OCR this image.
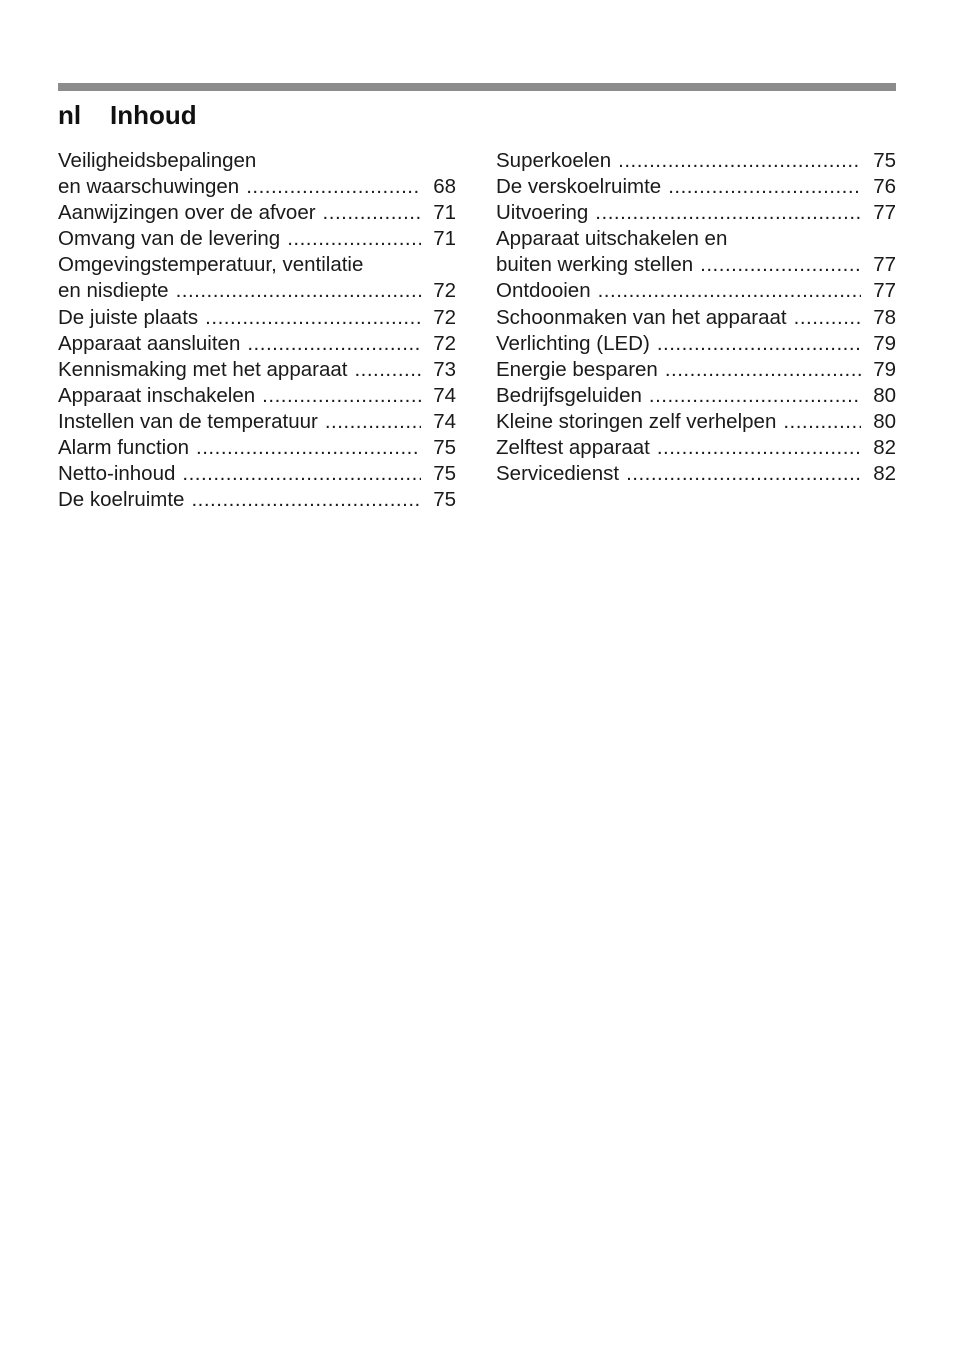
nl	Inhoud
Veiligheidsbepalingen
en waarschuwingen .....	68
Aanwijzingen over de afvoer .....	71
Omvang van de levering .....	71
Omgevingstemperatuur, ventilatie
en nisdiepte .....	72
De juiste plaats .....	72
Apparaat aansluiten .....	72
Kennismaking met het apparaat .....	73
Apparaat inschakelen .....	74
Instellen van de temperatuur .....	74
Alarm function .....	75
Netto-inhoud .....	75
De koelruimte .....	75
Superkoelen .....	75
De verskoelruimte .....	76
Uitvoering .....	77
Apparaat uitschakelen en
buiten werking stellen .....	77
Ontdooien .....	77
Schoonmaken van het apparaat .....	78
Verlichting (LED) .....	79
Energie besparen .....	79
Bedrijfsgeluiden .....	80
Kleine storingen zelf verhelpen .....	80
Zelftest apparaat .....	82
Servicedienst .....	82
